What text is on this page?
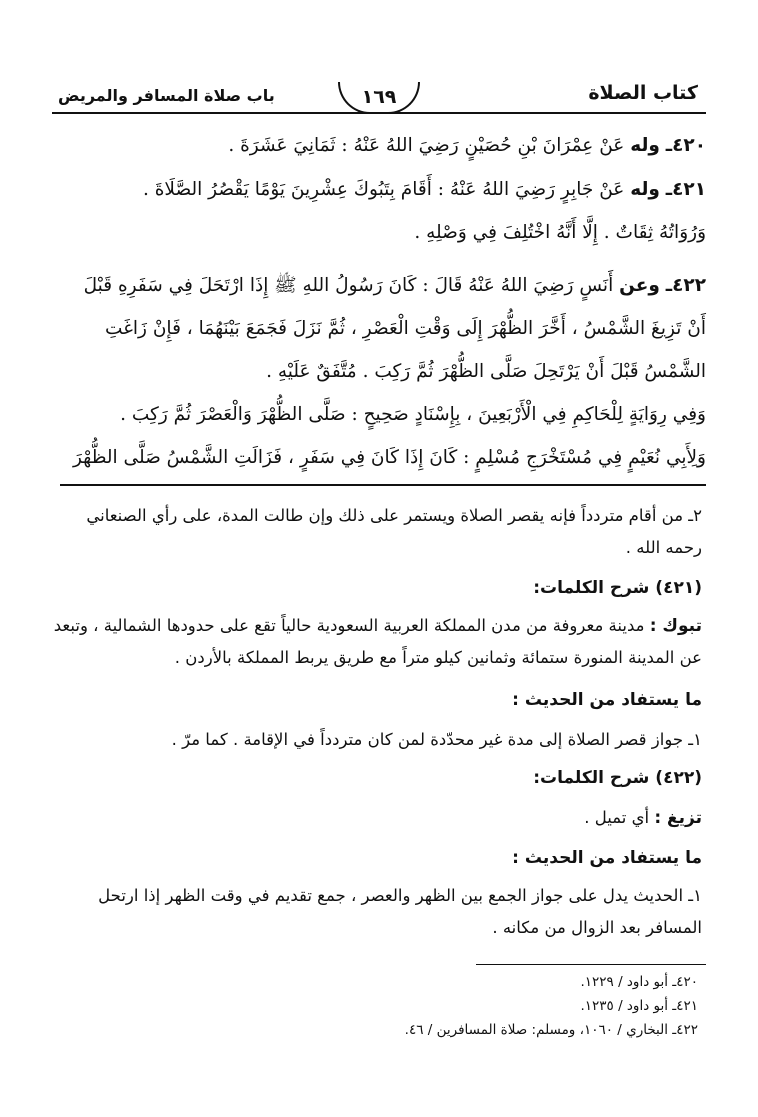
كتاب الصلاة
١٦٩
باب صلاة المسافر والمريض
٤٢٠ـ وله عَنْ عِمْرَانَ بْنِ حُصَيْنٍ رَضِيَ اللهُ عَنْهُ : ثَمَانِيَ عَشَرَةَ .
٤٢١ـ وله عَنْ جَابِرٍ رَضِيَ اللهُ عَنْهُ : أَقَامَ بِتَبُوكَ عِشْرِينَ يَوْمًا يَقْصُرُ الصَّلَاةَ .
وَرُوَاتُهُ ثِقَاتٌ . إِلَّا أَنَّهُ اخْتُلِفَ فِي وَصْلِهِ .
٤٢٢ـ وعن أَنَسٍ رَضِيَ اللهُ عَنْهُ قَالَ : كَانَ رَسُولُ اللهِ ﷺ إِذَا ارْتَحَلَ فِي سَفَرِهِ قَبْلَ
أَنْ تَزِيغَ الشَّمْسُ ، أَخَّرَ الظُّهْرَ إِلَى وَقْتِ الْعَصْرِ ، ثُمَّ نَزَلَ فَجَمَعَ بَيْنَهُمَا ، فَإِنْ زَاغَتِ
الشَّمْسُ قَبْلَ أَنْ يَرْتَحِلَ صَلَّى الظُّهْرَ ثُمَّ رَكِبَ . مُتَّفَقٌ عَلَيْهِ .
وَفِي رِوَايَةٍ لِلْحَاكِمِ فِي الْأَرْبَعِينَ ، بِإِسْنَادٍ صَحِيحٍ : صَلَّى الظُّهْرَ وَالْعَصْرَ ثُمَّ رَكِبَ .
وَلِأَبِي نُعَيْمٍ فِي مُسْتَخْرَجِ مُسْلِمٍ : كَانَ إِذَا كَانَ فِي سَفَرٍ ، فَزَالَتِ الشَّمْسُ صَلَّى الظُّهْرَ
٢ـ من أقام متردداً فإنه يقصر الصلاة ويستمر على ذلك وإن طالت المدة، على رأي الصنعاني
رحمه الله .
(٤٢١) شرح الكلمات:
تبوك : مدينة معروفة من مدن المملكة العربية السعودية حالياً تقع على حدودها الشمالية ، وتبعد
عن المدينة المنورة ستمائة وثمانين كيلو متراً مع طريق يربط المملكة بالأردن .
ما يستفاد من الحديث :
١ـ جواز قصر الصلاة إلى مدة غير محدّدة لمن كان متردداً في الإقامة . كما مرّ .
(٤٢٢) شرح الكلمات:
تزيغ : أي تميل .
ما يستفاد من الحديث :
١ـ الحديث يدل على جواز الجمع بين الظهر والعصر ، جمع تقديم في وقت الظهر إذا ارتحل
المسافر بعد الزوال من مكانه .
٤٢٠ـ أبو داود / ١٢٢٩.
٤٢١ـ أبو داود / ١٢٣٥.
٤٢٢ـ البخاري / ١٠٦٠، ومسلم: صلاة المسافرين / ٤٦.
